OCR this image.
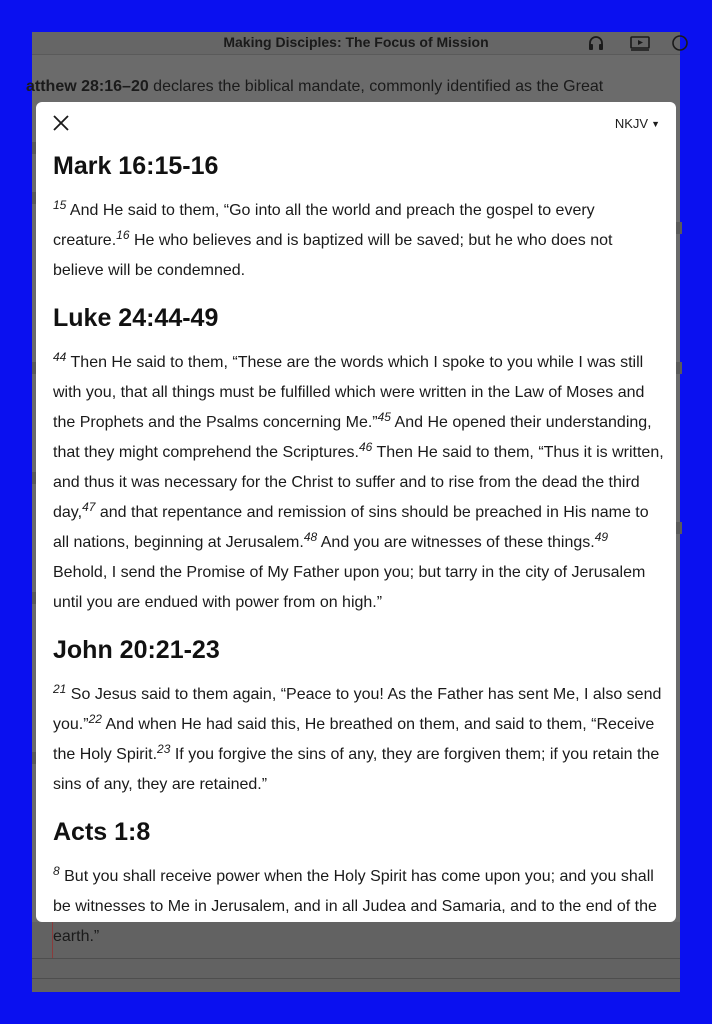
Making Disciples: The Focus of Mission
atthew 28:16–20 declares the biblical mandate, commonly identified as the Great
NKJV ▼
Mark 16:15-16

$^{15}$ And He said to them, “Go into all the world and preach the gospel to every creature.$^{16}$ He who believes and is baptized will be saved; but he who does not believe will be condemned.

Luke 24:44-49

$^{44}$ Then He said to them, “These are the words which I spoke to you while I was still with you, that all things must be fulfilled which were written in the Law of Moses and the Prophets and the Psalms concerning Me.”$^{45}$ And He opened their understanding, that they might comprehend the Scriptures.$^{46}$ Then He said to them, “Thus it is written, and thus it was necessary for the Christ to suffer and to rise from the dead the third day,$^{47}$ and that repentance and remission of sins should be preached in His name to all nations, beginning at Jerusalem.$^{48}$ And you are witnesses of these things.$^{49}$ Behold, I send the Promise of My Father upon you; but tarry in the city of Jerusalem until you are endued with power from on high.”

John 20:21-23

$^{21}$ So Jesus said to them again, “Peace to you! As the Father has sent Me, I also send you.”$^{22}$ And when He had said this, He breathed on them, and said to them, “Receive the Holy Spirit.$^{23}$ If you forgive the sins of any, they are forgiven them; if you retain the sins of any, they are retained.”

Acts 1:8

$^8$ But you shall receive power when the Holy Spirit has come upon you; and you shall be witnesses to Me in Jerusalem, and in all Judea and Samaria, and to the end of the earth.”
